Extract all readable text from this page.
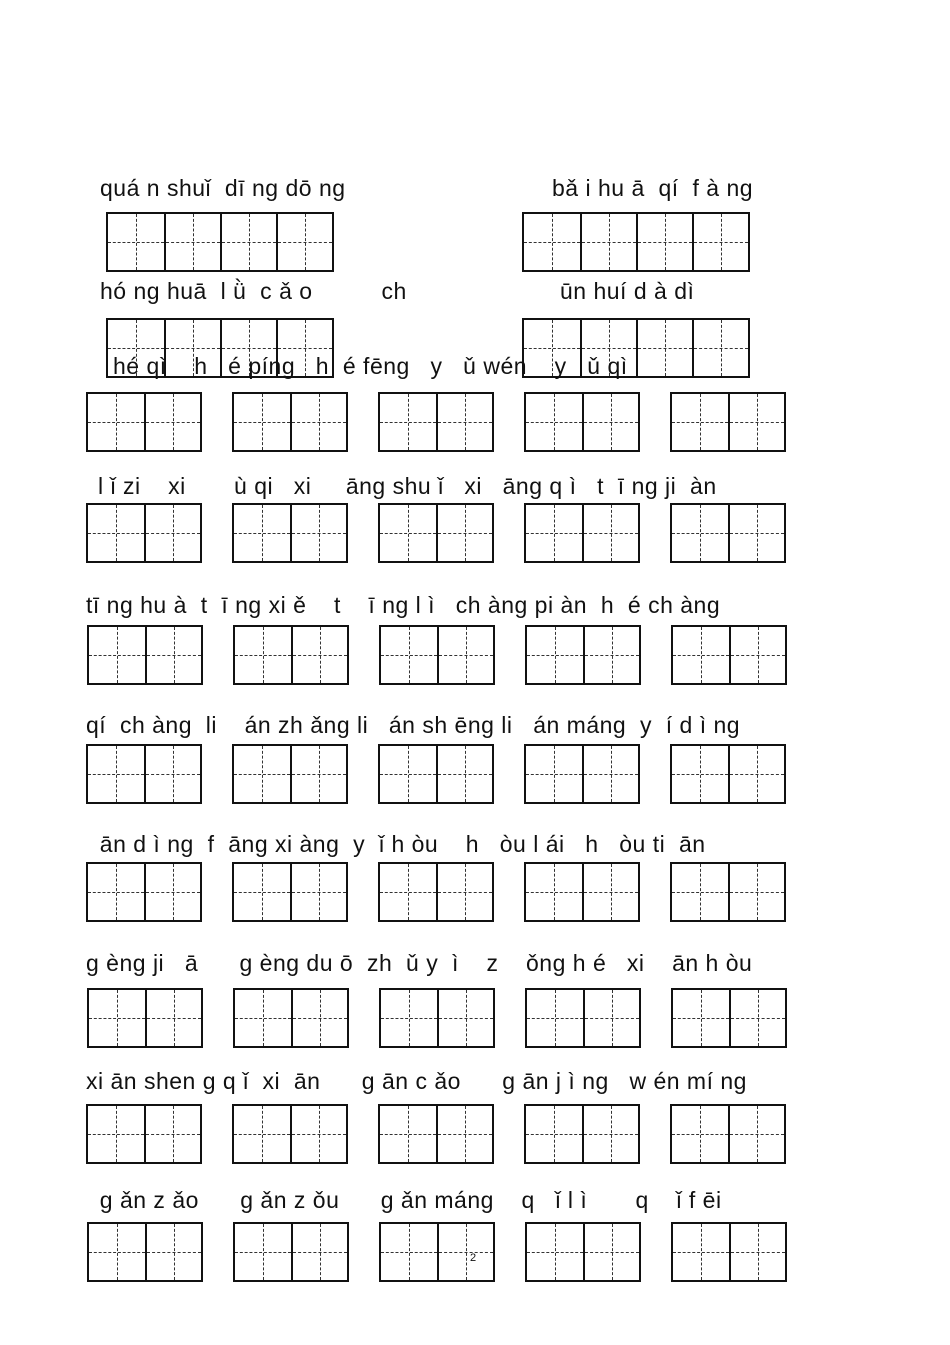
quá n shuǐ  dī ng dō ng	bǎ i hu ā  qí  f à ng
hó ng huā  l ǜ  c ǎ o          ch	ūn huí d à dì
hé qì    h   é píng   h  é fēng   y   ǔ wén    y   ǔ qì
l ǐ zi    xi       ù qi   xi     āng shu ǐ   xi   āng q ì   t  ī ng ji  àn
tī ng hu à  t  ī ng xi ě    t    ī ng l ì   ch àng pi àn  h  é ch àng
qí  ch àng  li    án zh ǎng li   án sh ēng li   án máng  y  í d ì ng
ān d ì ng  f  āng xi àng  y  ǐ h òu    h   òu l ái   h   òu ti  ān
g èng ji   ā      g èng du ō  zh  ǔ y  ì    z    ǒng h é   xi    ān h òu
xi ān shen g q ǐ  xi  ān      g ān c ǎo      g ān j ì ng   w én mí ng
g ǎn z ǎo      g ǎn z ǒu      g ǎn máng    q   ǐ l ì       q    ǐ f ēi
2
